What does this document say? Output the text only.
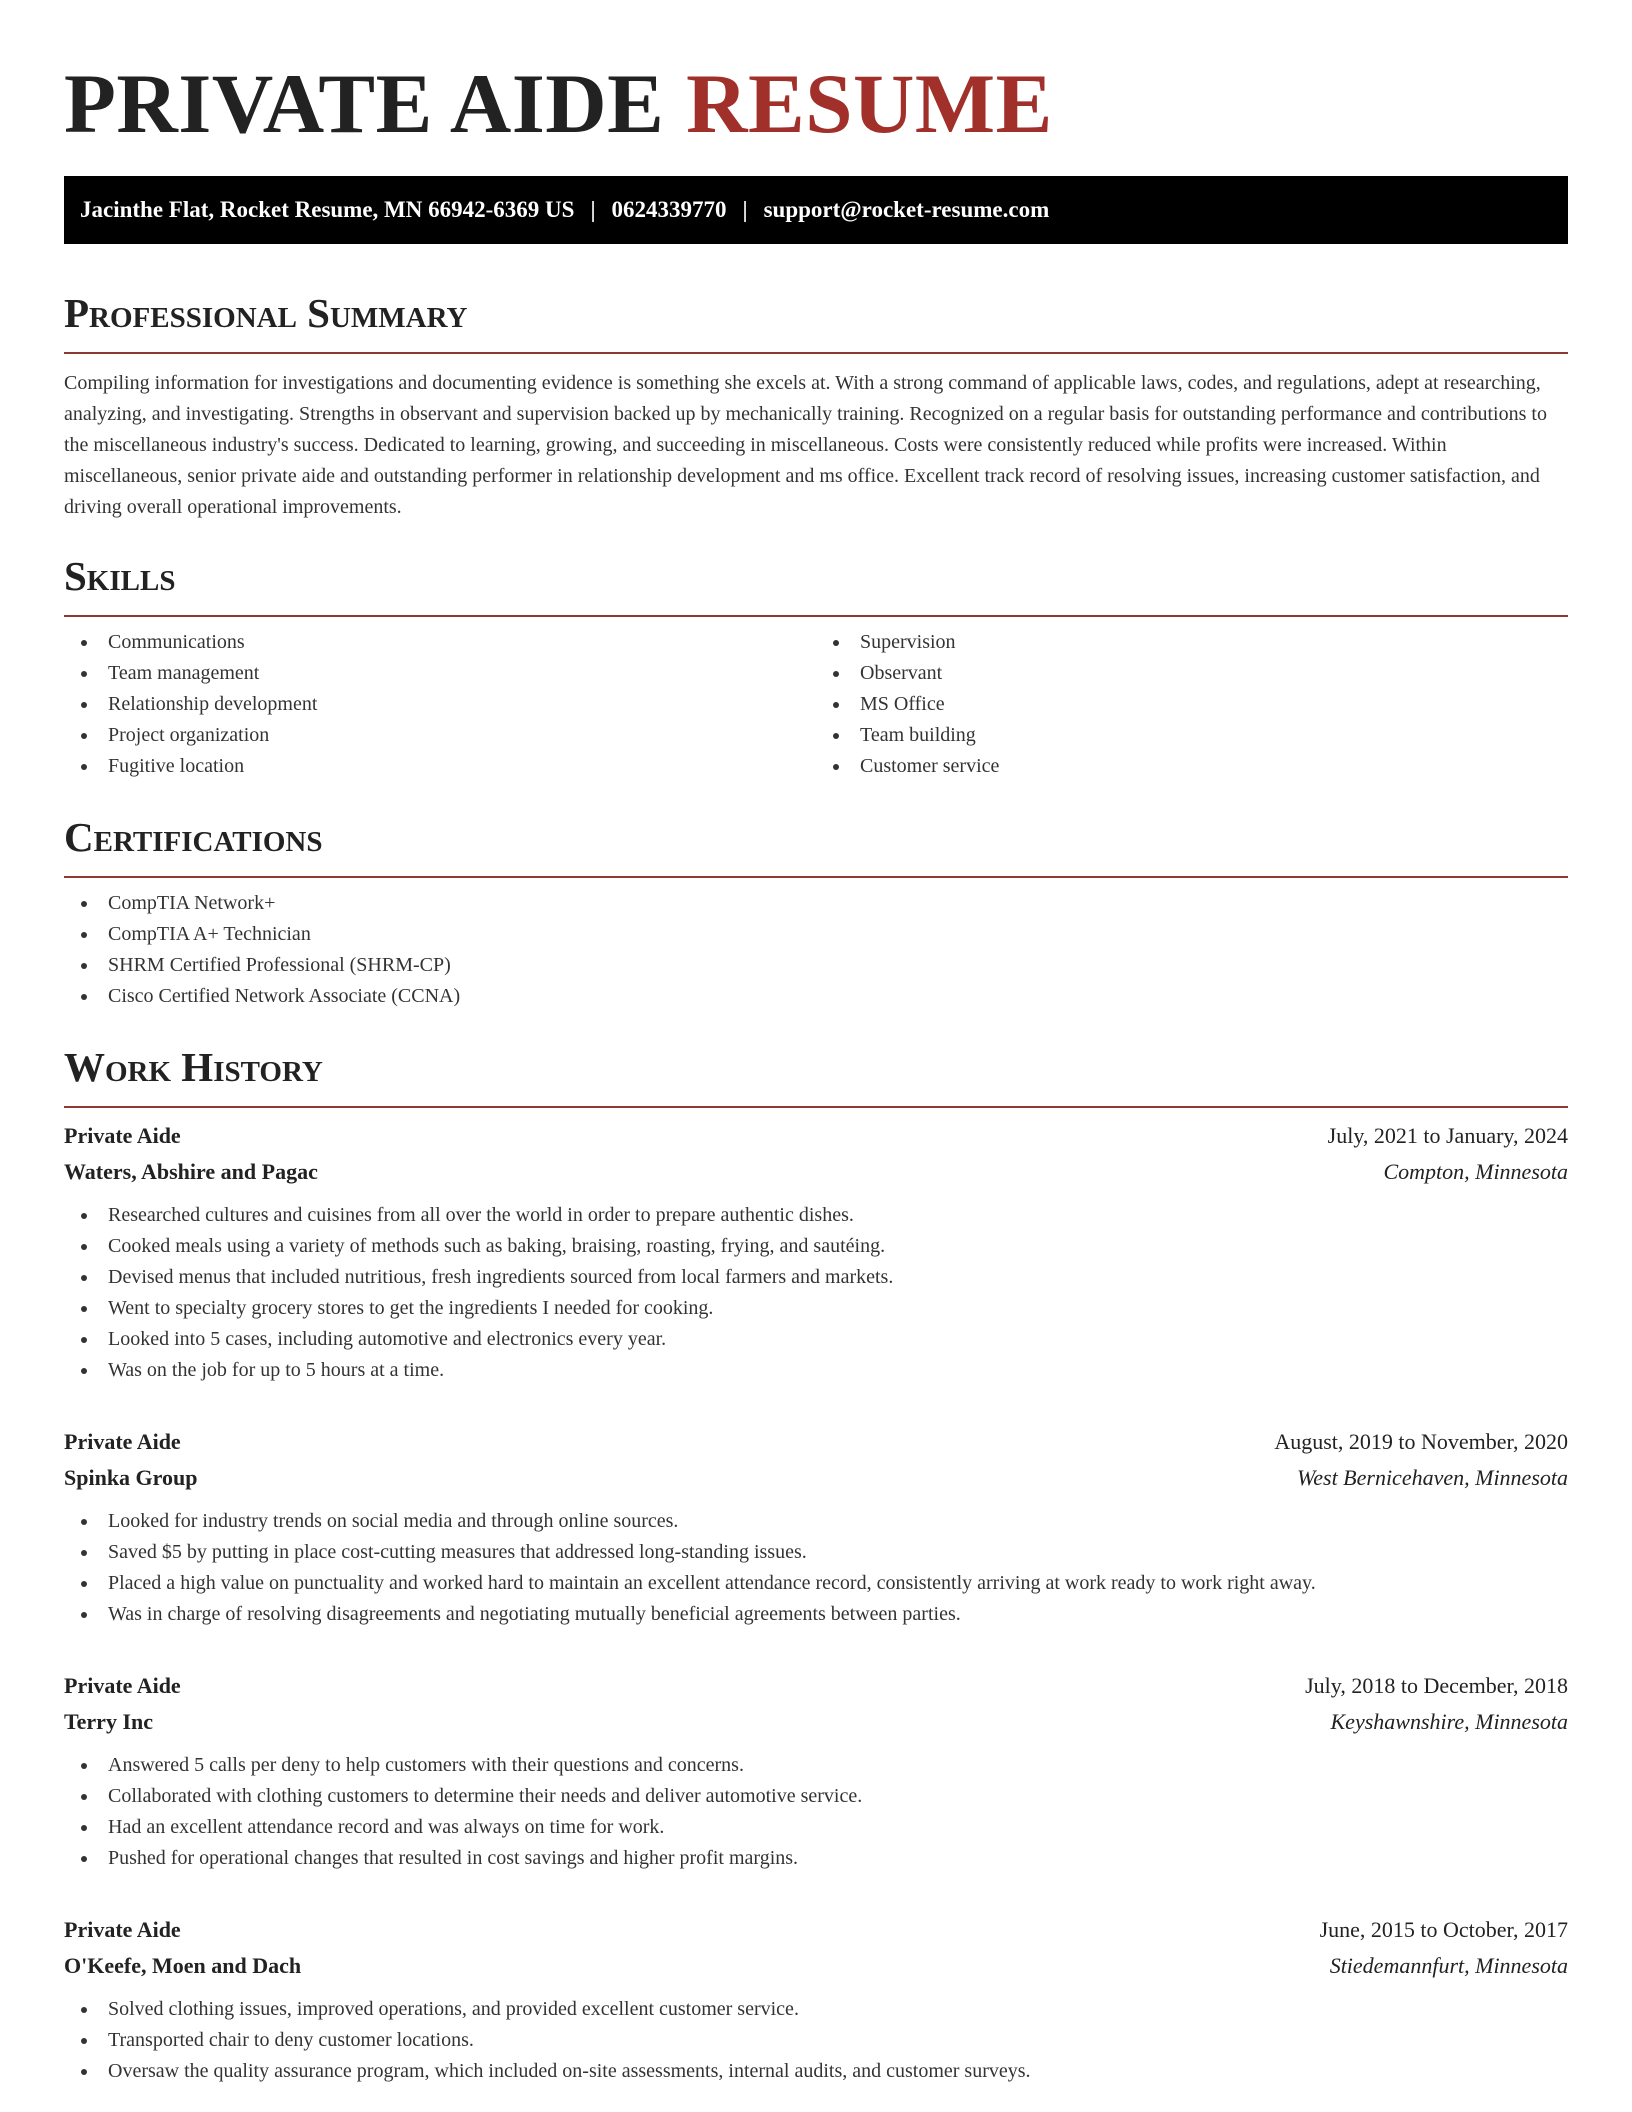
PRIVATE AIDE RESUME
Jacinthe Flat, Rocket Resume, MN 66942-6369 US | 0624339770 | support@rocket-resume.com
Professional Summary

Compiling information for investigations and documenting evidence is something she excels at. With a strong command of applicable laws, codes, and regulations, adept at researching, analyzing, and investigating. Strengths in observant and supervision backed up by mechanically training. Recognized on a regular basis for outstanding performance and contributions to the miscellaneous industry's success. Dedicated to learning, growing, and succeeding in miscellaneous. Costs were consistently reduced while profits were increased. Within miscellaneous, senior private aide and outstanding performer in relationship development and ms office. Excellent track record of resolving issues, increasing customer satisfaction, and driving overall operational improvements.

Skills
Communications
Team management
Relationship development
Project organization
Fugitive location
Supervision
Observant
MS Office
Team building
Customer service
Certifications
CompTIA Network+
CompTIA A+ Technician
SHRM Certified Professional (SHRM-CP)
Cisco Certified Network Associate (CCNA)
Work History
Private Aide	July, 2021 to January, 2024
Waters, Abshire and Pagac	Compton, Minnesota
Researched cultures and cuisines from all over the world in order to prepare authentic dishes.
Cooked meals using a variety of methods such as baking, braising, roasting, frying, and sautéing.
Devised menus that included nutritious, fresh ingredients sourced from local farmers and markets.
Went to specialty grocery stores to get the ingredients I needed for cooking.
Looked into 5 cases, including automotive and electronics every year.
Was on the job for up to 5 hours at a time.
Private Aide	August, 2019 to November, 2020
Spinka Group	West Bernicehaven, Minnesota
Looked for industry trends on social media and through online sources.
Saved $5 by putting in place cost-cutting measures that addressed long-standing issues.
Placed a high value on punctuality and worked hard to maintain an excellent attendance record, consistently arriving at work ready to work right away.
Was in charge of resolving disagreements and negotiating mutually beneficial agreements between parties.
Private Aide	July, 2018 to December, 2018
Terry Inc	Keyshawnshire, Minnesota
Answered 5 calls per deny to help customers with their questions and concerns.
Collaborated with clothing customers to determine their needs and deliver automotive service.
Had an excellent attendance record and was always on time for work.
Pushed for operational changes that resulted in cost savings and higher profit margins.
Private Aide	June, 2015 to October, 2017
O'Keefe, Moen and Dach	Stiedemannfurt, Minnesota
Solved clothing issues, improved operations, and provided excellent customer service.
Transported chair to deny customer locations.
Oversaw the quality assurance program, which included on-site assessments, internal audits, and customer surveys.
